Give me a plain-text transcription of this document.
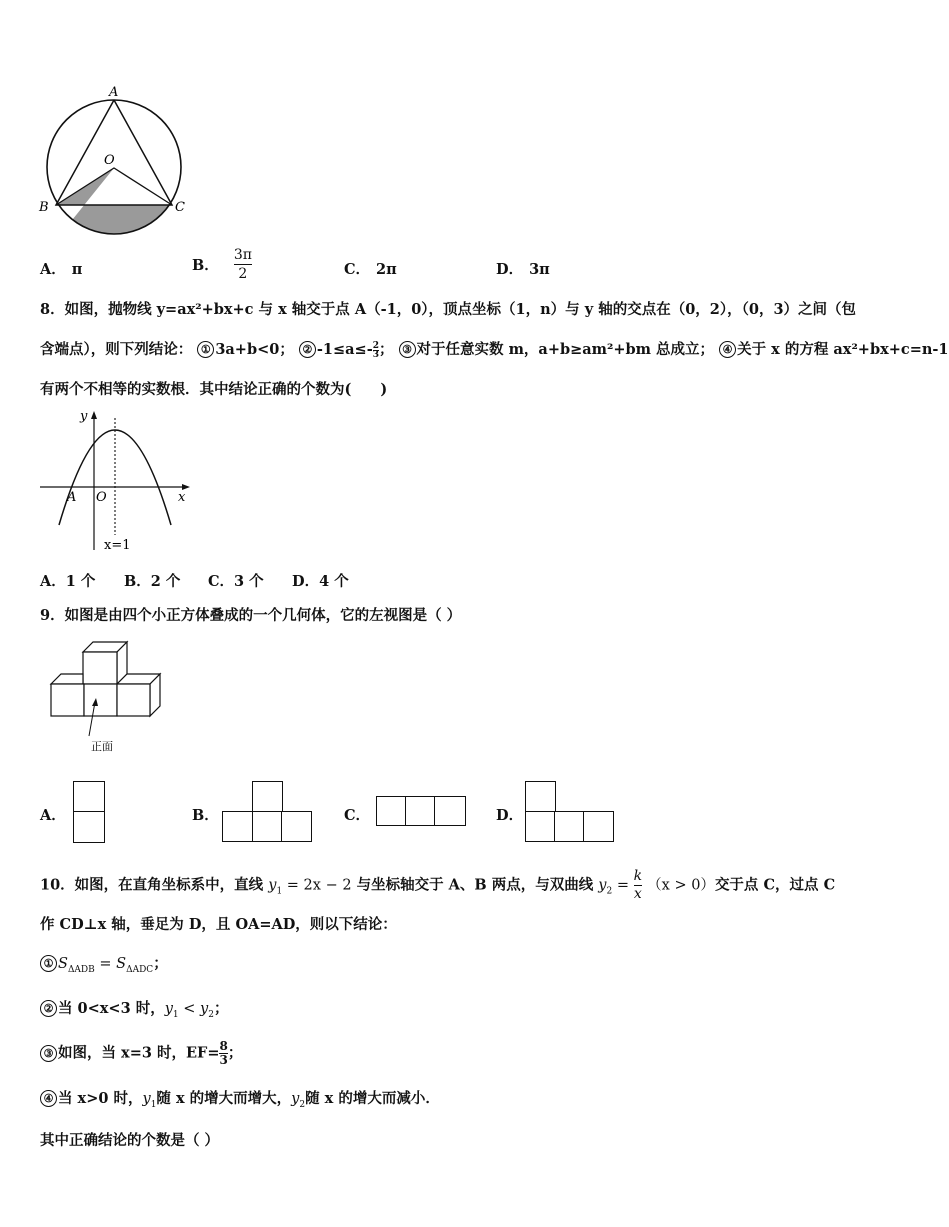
A
O
B	C
A． π	B． $\frac{3\pi}{2}$	C． 2π	D． 3π
8．如图，抛物线 y=ax²+bx+c 与 x 轴交于点 A（-1，0），顶点坐标（1，n）与 y 轴的交点在（0，2），（0，3）之间（包
含端点），则下列结论： ① 3a+b<0； ② $-1\le a\le- \frac{2}{3}$ ； ③ 对于任意实数 m，a+b≥am²+bm 总成立； ④ 关于 x 的方程 ax²+bx+c=n-1
有两个不相等的实数根．其中结论正确的个数为(　　)
y
x
A O
x=1
A．1 个 B．2 个 C．3 个 D．4 个
9．如图是由四个小正方体叠成的一个几何体，它的左视图是（ ）
正面
A．	B．	C．	D．
10．如图，在直角坐标系中，直线 $y_1 = 2x - 2$ 与坐标轴交于 A、B 两点，与双曲线 $y_2 = \frac{k}{x} (x > 0)$交于点 C，过点 C
作 CD⊥x 轴，垂足为 D，且 OA=AD，则以下结论：
① $S_{\Delta ADB} = S_{\Delta ADC}$；
② 当 0<x<3 时，$y_1 < y_2$；
③ 如图，当 x=3 时，$EF= \frac{8}{3}$ ；
④ 当 x>0 时，$y_1$随 x 的增大而增大，$y_2$随 x 的增大而减小．
其中正确结论的个数是（ ）
